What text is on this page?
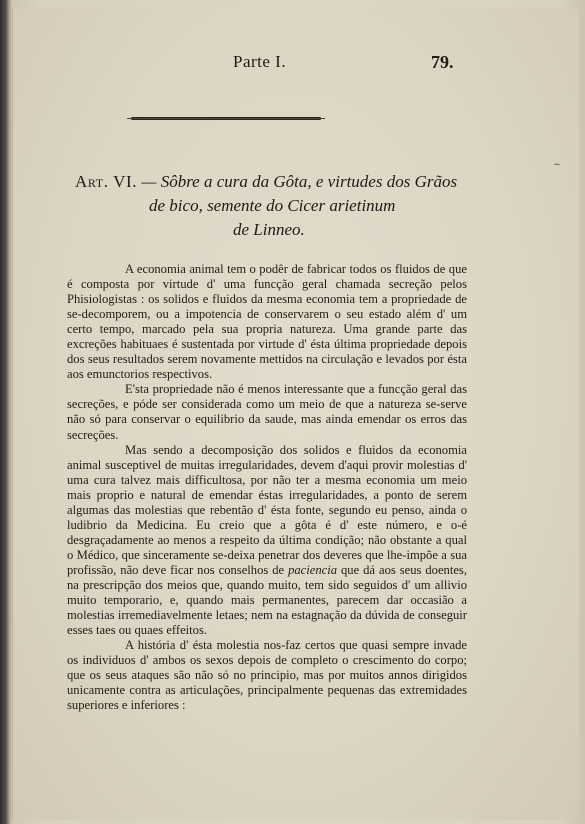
Parte I.	79.
Art. VI. — Sôbre a cura da Gôta, e virtudes dos Grãos
de bico, semente do Cicer arietinum
de Linneo.

A economia animal tem o podêr de fabricar todos os fluidos de que é composta por virtude d' uma funcção geral chamada secreção pelos Phisiologistas : os solidos e fluidos da mesma economia tem a propriedade de se-decomporem, ou a impotencia de conservarem o seu estado além d' um certo tempo, marcado pela sua propria natureza. Uma grande parte das excreções habituaes é sustentada por virtude d' ésta última propriedade depois dos seus resultados serem novamente mettidos na circulação e levados por ésta aos emunctorios respectivos.

E'sta propriedade não é menos interessante que a funcção geral das secreções, e póde ser considerada como um meio de que a natureza se-serve não só para conservar o equilibrio da saude, mas ainda emendar os erros das secreções.

Mas sendo a decomposição dos solidos e fluidos da economia animal susceptivel de muitas irregularidades, devem d'aqui provir molestias d' uma cura talvez mais difficultosa, por não ter a mesma economia um meio mais proprio e natural de emendar éstas irregularidades, a ponto de serem algumas das molestias que rebentão d' ésta fonte, segundo eu penso, ainda o ludibrio da Medicina. Eu creio que a gôta é d' este número, e o-é desgraçadamente ao menos a respeito da última condição; não obstante a qual o Médico, que sinceramente se-deixa penetrar dos deveres que lhe-impõe a sua profissão, não deve ficar nos conselhos de paciencia que dá aos seus doentes, na prescripção dos meios que, quando muito, tem sido seguidos d' um allivio muito temporario, e, quando mais permanentes, parecem dar occasião a molestias irremediavelmente letaes; nem na estagnação da dúvida de conseguir esses taes ou quaes effeitos.

A história d' ésta molestia nos-faz certos que quasi sempre invade os individuos d' ambos os sexos depois de completo o crescimento do corpo; que os seus ataques são não só no principio, mas por muitos annos dirigidos unicamente contra as articulações, principalmente pequenas das extremidades superiores e inferiores :

~
